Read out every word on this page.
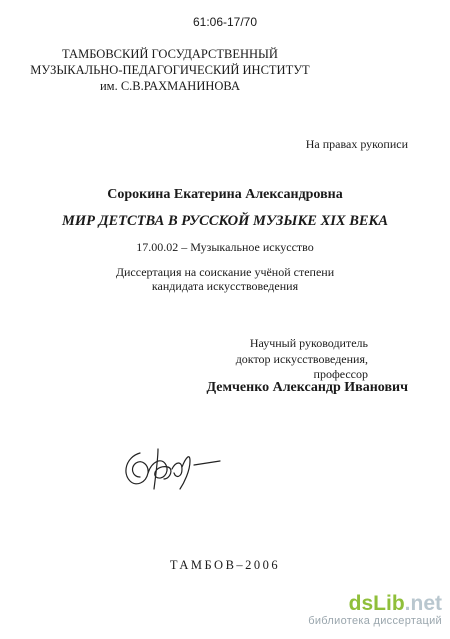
61:06-17/70
ТАМБОВСКИЙ ГОСУДАРСТВЕННЫЙ
МУЗЫКАЛЬНО-ПЕДАГОГИЧЕСКИЙ ИНСТИТУТ
им. С.В.РАХМАНИНОВА
На правах рукописи
Сорокина Екатерина Александровна
МИР ДЕТСТВА В РУССКОЙ МУЗЫКЕ XIX ВЕКА
17.00.02 – Музыкальное искусство
Диссертация на соискание учёной степени
кандидата искусствоведения
Научный руководитель
доктор искусствоведения,
профессор
Демченко Александр Иванович
ТАМБОВ–2006
dsLib.net
библиотека диссертаций
